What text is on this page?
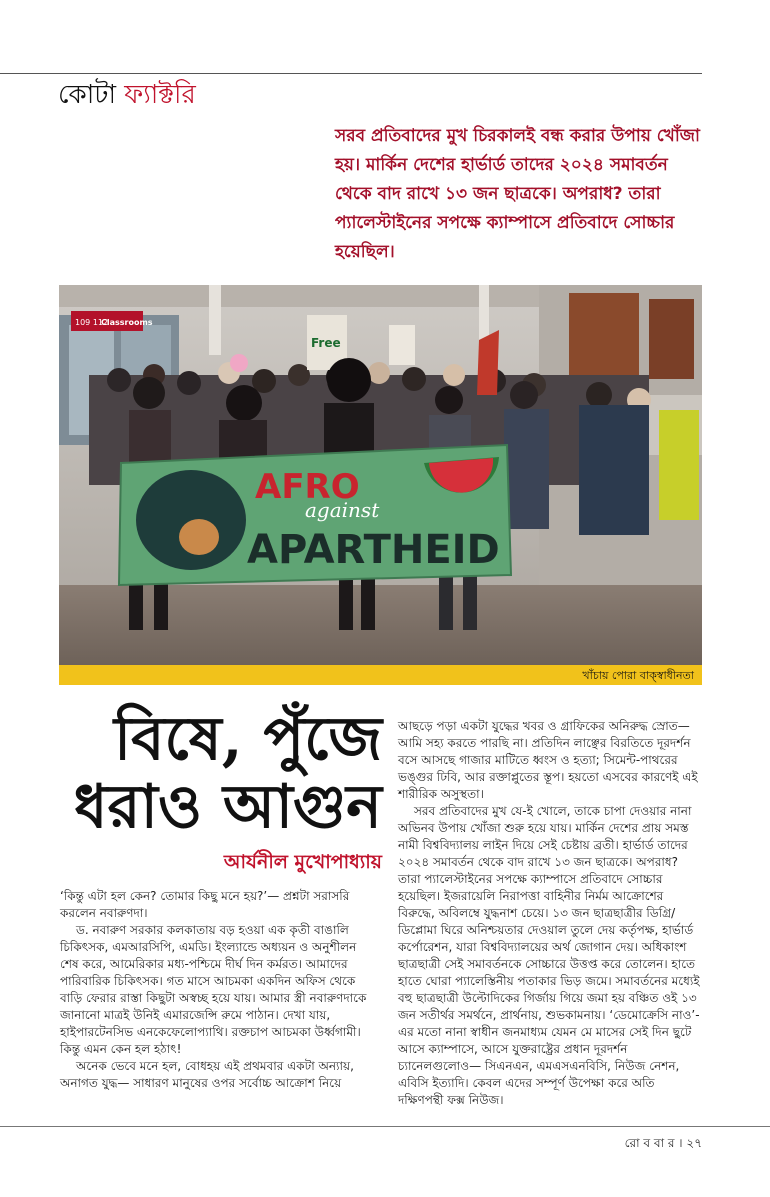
কোটা ফ্যাক্টরি
সরব প্রতিবাদের মুখ চিরকালই বন্ধ করার উপায় খোঁজা হয়। মার্কিন দেশের হার্ভার্ড তাদের ২০২৪ সমাবর্তন থেকে বাদ রাখে ১৩ জন ছাত্রকে। অপরাধ? তারা প্যালেস্টাইনের সপক্ষে ক্যাম্পাসে প্রতিবাদে সোচ্চার হয়েছিল।
109 112
Classrooms
Free
AFRO
against
APARTHEID
খাঁচায় পোরা বাক্‌স্বাধীনতা
বিষে, পুঁজে
ধরাও আগুন
আর্যনীল মুখোপাধ্যায়

‘কিন্তু এটা হল কেন? তোমার কিছু মনে হয়?’— প্রশ্নটা সরাসরি করলেন নবারুণদা।

ড. নবারুণ সরকার কলকাতায় বড় হওয়া এক কৃতী বাঙালি চিকিৎসক, এমআরসিপি, এমডি। ইংল্যান্ডে অধ্যয়ন ও অনুশীলন শেষ করে, আমেরিকার মধ্য-পশ্চিমে দীর্ঘ দিন কর্মরত। আমাদের পারিবারিক চিকিৎসক। গত মাসে আচমকা একদিন অফিস থেকে বাড়ি ফেরার রাস্তা কিছুটা অস্বচ্ছ হয়ে যায়। আমার স্ত্রী নবারুণদাকে জানানো মাত্রই উনিই এমারজেন্সি রুমে পাঠান। দেখা যায়, হাইপারটেনসিভ এনকেফেলোপ্যাথি। রক্তচাপ আচমকা উর্ধ্বগামী। কিন্তু এমন কেন হল হঠাৎ!

অনেক ভেবে মনে হল, বোধহয় এই প্রথমবার একটা অন্যায়, অনাগত যুদ্ধ— সাধারণ মানুষের ওপর সর্বোচ্চ আক্রোশ নিয়ে

আছড়ে পড়া একটা যুদ্ধের খবর ও গ্রাফিকের অনিরুদ্ধ স্রোত— আমি সহ্য করতে পারছি না। প্রতিদিন লাঞ্ছের বিরতিতে দূরদর্শন বসে আসছে গাজার মাটিতে ধ্বংস ও হত্যা; সিমেন্ট-পাথরের ভঙ্গুর ঢিবি, আর রক্তাপ্লুতের স্তূপ। হয়তো এসবের কারণেই এই শারীরিক অসুস্থতা।

সরব প্রতিবাদের মুখ যে-ই খোলে, তাকে চাপা দেওয়ার নানা অভিনব উপায় খোঁজা শুরু হয়ে যায়। মার্কিন দেশের প্রায় সমস্ত নামী বিশ্ববিদ্যালয় লাইন দিয়ে সেই চেষ্টায় ব্রতী। হার্ভার্ড তাদের ২০২৪ সমাবর্তন থেকে বাদ রাখে ১৩ জন ছাত্রকে। অপরাধ? তারা প্যালেস্টাইনের সপক্ষে ক্যাম্পাসে প্রতিবাদে সোচ্চার হয়েছিল। ইজরায়েলি নিরাপত্তা বাহিনীর নির্মম আক্রোশের বিরুদ্ধে, অবিলম্বে যুদ্ধনাশ চেয়ে। ১৩ জন ছাত্রছাত্রীর ডিগ্রি/ ডিপ্লোমা ঘিরে অনিশ্চয়তার দেওয়াল তুলে দেয় কর্তৃপক্ষ, হার্ভার্ড কর্পোরেশন, যারা বিশ্ববিদ্যালয়ের অর্থ জোগান দেয়। অধিকাংশ ছাত্রছাত্রী সেই সমাবর্তনকে সোচ্চারে উত্তপ্ত করে তোলেন। হাতে হাতে ঘোরা প্যালেস্তিনীয় পতাকার ভিড় জমে। সমাবর্তনের মধ্যেই বহু ছাত্রছাত্রী উল্টোদিকের গির্জায় গিয়ে জমা হয় বঞ্চিত ওই ১৩ জন সতীর্থর সমর্থনে, প্রার্থনায়, শুভকামনায়। ‘ডেমোক্রেসি নাও’-এর মতো নানা স্বাধীন জনমাধ্যম যেমন মে মাসের সেই দিন ছুটে আসে ক্যাম্পাসে, আসে যুক্তরাষ্ট্রের প্রধান দূরদর্শন চ্যানেলগুলোও— সিএনএন, এমএসএনবিসি, নিউজ নেশন, এবিসি ইত্যাদি। কেবল এদের সম্পূর্ণ উপেক্ষা করে অতি দক্ষিণপন্থী ফক্স নিউজ।

রো ব বা র । ২৭
